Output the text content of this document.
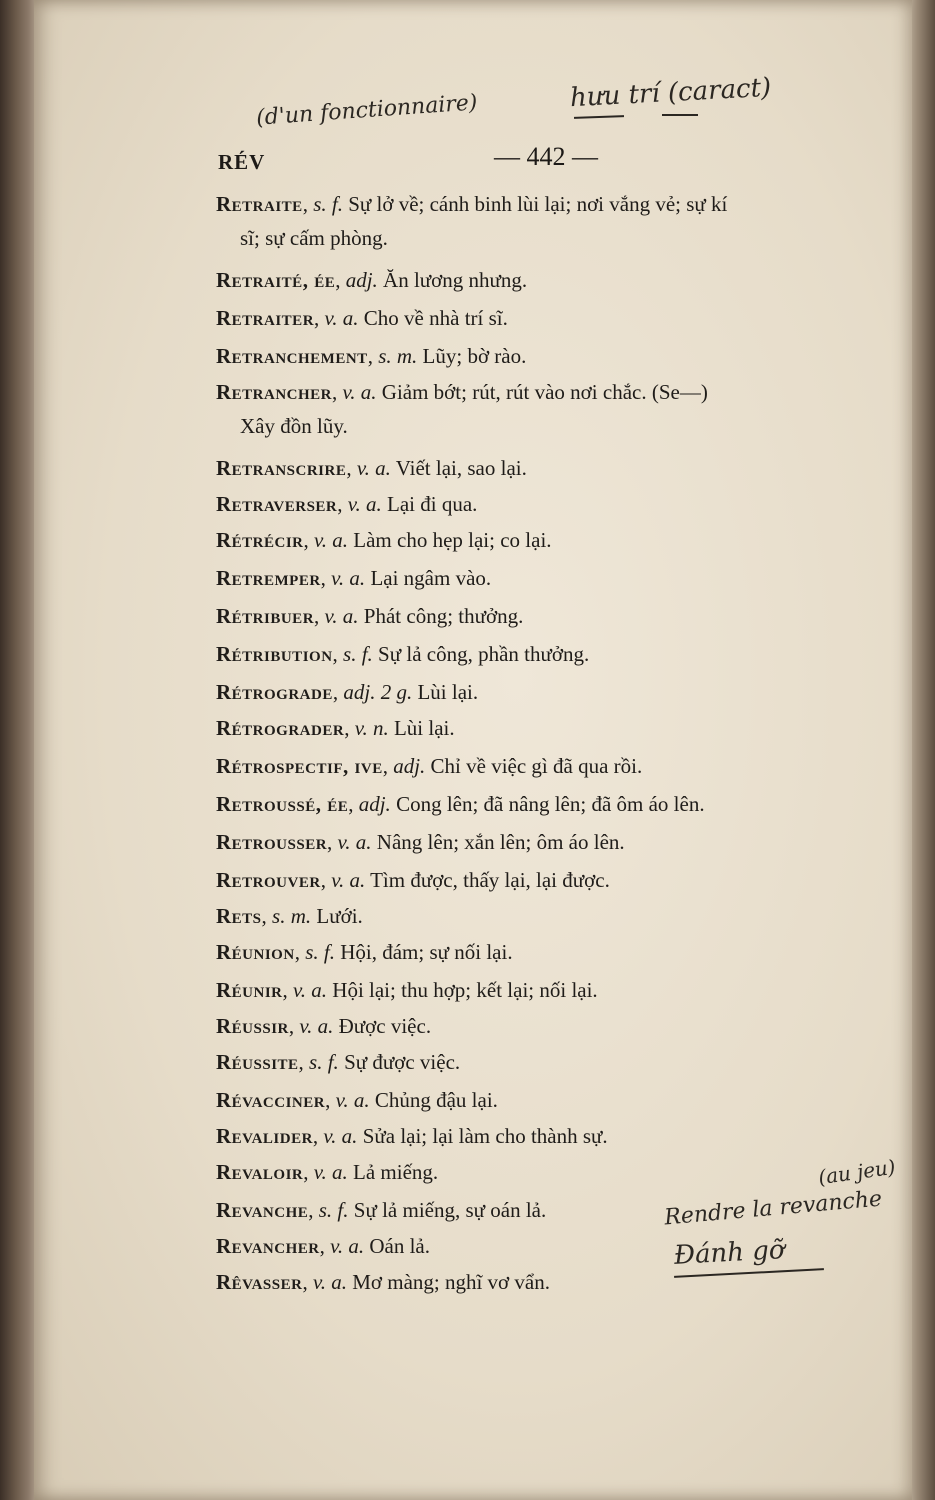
(d'un fonctionnaire)	hưu trí (caract)
(au jeu)
Rendre la revanche
Đánh gỡ
RÉV	— 442 —
Retraite, s. f. Sự lở về; cánh binh lùi lại; nơi vắng vẻ; sự kí
sĩ; sự cấm phòng.
Retraité, ée, adj. Ăn lương nhưng.
Retraiter, v. a. Cho về nhà trí sĩ.
Retranchement, s. m. Lũy; bờ rào.
Retrancher, v. a. Giảm bớt; rút, rút vào nơi chắc. (Se—)
Xây đồn lũy.
Retranscrire, v. a. Viết lại, sao lại.
Retraverser, v. a. Lại đi qua.
Rétrécir, v. a. Làm cho hẹp lại; co lại.
Retremper, v. a. Lại ngâm vào.
Rétribuer, v. a. Phát công; thưởng.
Rétribution, s. f. Sự lả công, phần thưởng.
Rétrograde, adj. 2 g. Lùi lại.
Rétrograder, v. n. Lùi lại.
Rétrospectif, ive, adj. Chỉ về việc gì đã qua rồi.
Retroussé, ée, adj. Cong lên; đã nâng lên; đã ôm áo lên.
Retrousser, v. a. Nâng lên; xắn lên; ôm áo lên.
Retrouver, v. a. Tìm được, thấy lại, lại được.
Rets, s. m. Lưới.
Réunion, s. f. Hội, đám; sự nối lại.
Réunir, v. a. Hội lại; thu hợp; kết lại; nối lại.
Réussir, v. a. Được việc.
Réussite, s. f. Sự được việc.
Révacciner, v. a. Chủng đậu lại.
Revalider, v. a. Sửa lại; lại làm cho thành sự.
Revaloir, v. a. Lả miếng.
Revanche, s. f. Sự lả miếng, sự oán lả.
Revancher, v. a. Oán lả.
Rêvasser, v. a. Mơ màng; nghĩ vơ vẩn.
